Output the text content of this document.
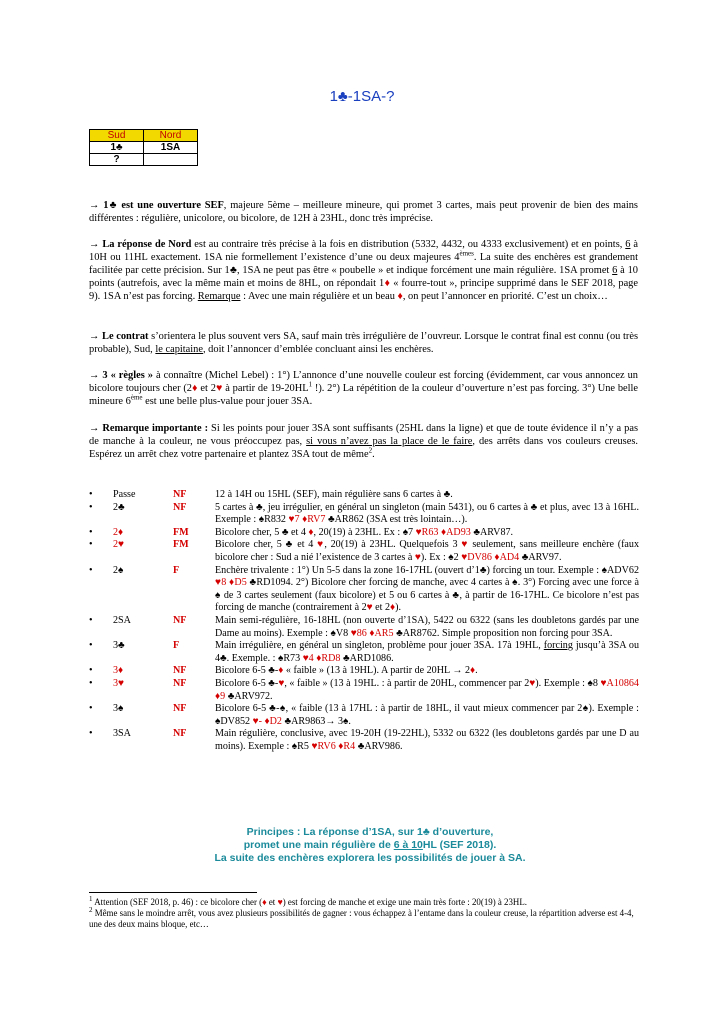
1♣-1SA-?
Sud	Nord
1♣	1SA
?	

→ 1♣ est une ouverture SEF, majeure 5ème – meilleure mineure, qui promet 3 cartes, mais peut provenir de bien des mains différentes : régulière, unicolore, ou bicolore, de 12H à 23HL, donc très imprécise.

→ La réponse de Nord est au contraire très précise à la fois en distribution (5332, 4432, ou 4333 exclusivement) et en points, 6 à 10H ou 11HL exactement. 1SA nie formellement l’existence d’une ou deux majeures 4èmes. La suite des enchères est grandement facilitée par cette précision. Sur 1♣, 1SA ne peut pas être « poubelle » et indique forcément une main régulière. 1SA promet 6 à 10 points (autrefois, avec la même main et moins de 8HL, on répondait 1♦ « fourre-tout », principe supprimé dans le SEF 2018, page 9). 1SA n’est pas forcing. Remarque : Avec une main régulière et un beau ♦, on peut l’annoncer en priorité. C’est un choix…

→ Le contrat s’orientera le plus souvent vers SA, sauf main très irrégulière de l’ouvreur. Lorsque le contrat final est connu (ou très probable), Sud, le capitaine, doit l’annoncer d’emblée concluant ainsi les enchères.

→ 3 « règles » à connaître (Michel Lebel) : 1°) L’annonce d’une nouvelle couleur est forcing (évidemment, car vous annoncez un bicolore toujours cher (2♦ et 2♥ à partir de $19-20HL^1$ !). 2°) La répétition de la couleur d’ouverture n’est pas forcing. 3°) Une belle mineure 6ème est une belle plus-value pour jouer 3SA.

→ Remarque importante : Si les points pour jouer 3SA sont suffisants (25HL dans la ligne) et que de toute évidence il n’y a pas de manche à la couleur, ne vous préoccupez pas, si vous n’avez pas la place de le faire, des arrêts dans vos couleurs creuses. Espérez un arrêt chez votre partenaire et plantez 3SA tout de même$^2$.

• Passe	NF	12 à 14H ou 15HL (SEF), main régulière sans 6 cartes à ♣.
• 2♣	NF	5 cartes à ♣, jeu irrégulier, en général un singleton (main 5431), ou 6 cartes à ♣ et plus, avec 13 à 16HL. Exemple : ♠R832 ♥7 ♦RV7 ♣AR862 (3SA est très lointain…).
• 2♦	FM	Bicolore cher, 5 ♣ et 4 ♦, 20(19) à 23HL. Ex : ♠7 ♥R63 ♦AD93 ♣ARV87.
• 2♥	FM	Bicolore cher, 5 ♣ et 4 ♥, 20(19) à 23HL. Quelquefois 3 ♥ seulement, sans meilleure enchère (faux bicolore cher : Sud a nié l’existence de 3 cartes à ♥). Ex : ♠2 ♥DV86 ♦AD4 ♣ARV97.
• 2♠	F	Enchère trivalente : 1°) Un 5-5 dans la zone 16-17HL (ouvert d’1♣) forcing un tour. Exemple : ♠ADV62 ♥8 ♦D5 ♣RD1094. 2°) Bicolore cher forcing de manche, avec 4 cartes à ♠. 3°) Forcing avec une force à ♠ de 3 cartes seulement (faux bicolore) et 5 ou 6 cartes à ♣, à partir de 16-17HL. Ce bicolore n’est pas forcing de manche (contrairement à 2♥ et 2♦).
• 2SA	NF	Main semi-régulière, 16-18HL (non ouverte d’1SA), 5422 ou 6322 (sans les doubletons gardés par une Dame au moins). Exemple : ♠V8 ♥86 ♦AR5 ♣AR8762. Simple proposition non forcing pour 3SA.
• 3♣	F	Main irrégulière, en général un singleton, problème pour jouer 3SA. 17à 19HL, forcing jusqu’à 3SA ou 4♣. Exemple. : ♠R73 ♥4 ♦RD8 ♣ARD1086.
• 3♦	NF	Bicolore 6-5 ♣-♦ « faible » (13 à 19HL). A partir de 20HL → 2♦.
• 3♥	NF	Bicolore 6-5 ♣-♥, « faible » (13 à 19HL. : à partir de 20HL, commencer par 2♥). Exemple : ♠8 ♥A10864 ♦9 ♣ARV972.
• 3♠	NF	Bicolore 6-5 ♣-♠, « faible (13 à 17HL : à partir de 18HL, il vaut mieux commencer par 2♠). Exemple : ♠DV852 ♥- ♦D2 ♣AR9863→ 3♠.
• 3SA	NF	Main régulière, conclusive, avec 19-20H (19-22HL), 5332 ou 6322 (les doubletons gardés par une D au moins). Exemple : ♠R5 ♥RV6 ♦R4 ♣ARV986.
Principes : La réponse d’1SA, sur 1♣ d’ouverture,
promet une main régulière de 6 à 10HL (SEF 2018).
La suite des enchères explorera les possibilités de jouer à SA.

$^1$ Attention (SEF 2018, p. 46) : ce bicolore cher (♦ et ♥) est forcing de manche et exige une main très forte : 20(19) à 23HL.

$^2$ Même sans le moindre arrêt, vous avez plusieurs possibilités de gagner : vous échappez à l’entame dans la couleur creuse, la répartition adverse est 4-4, une des deux mains bloque, etc…
